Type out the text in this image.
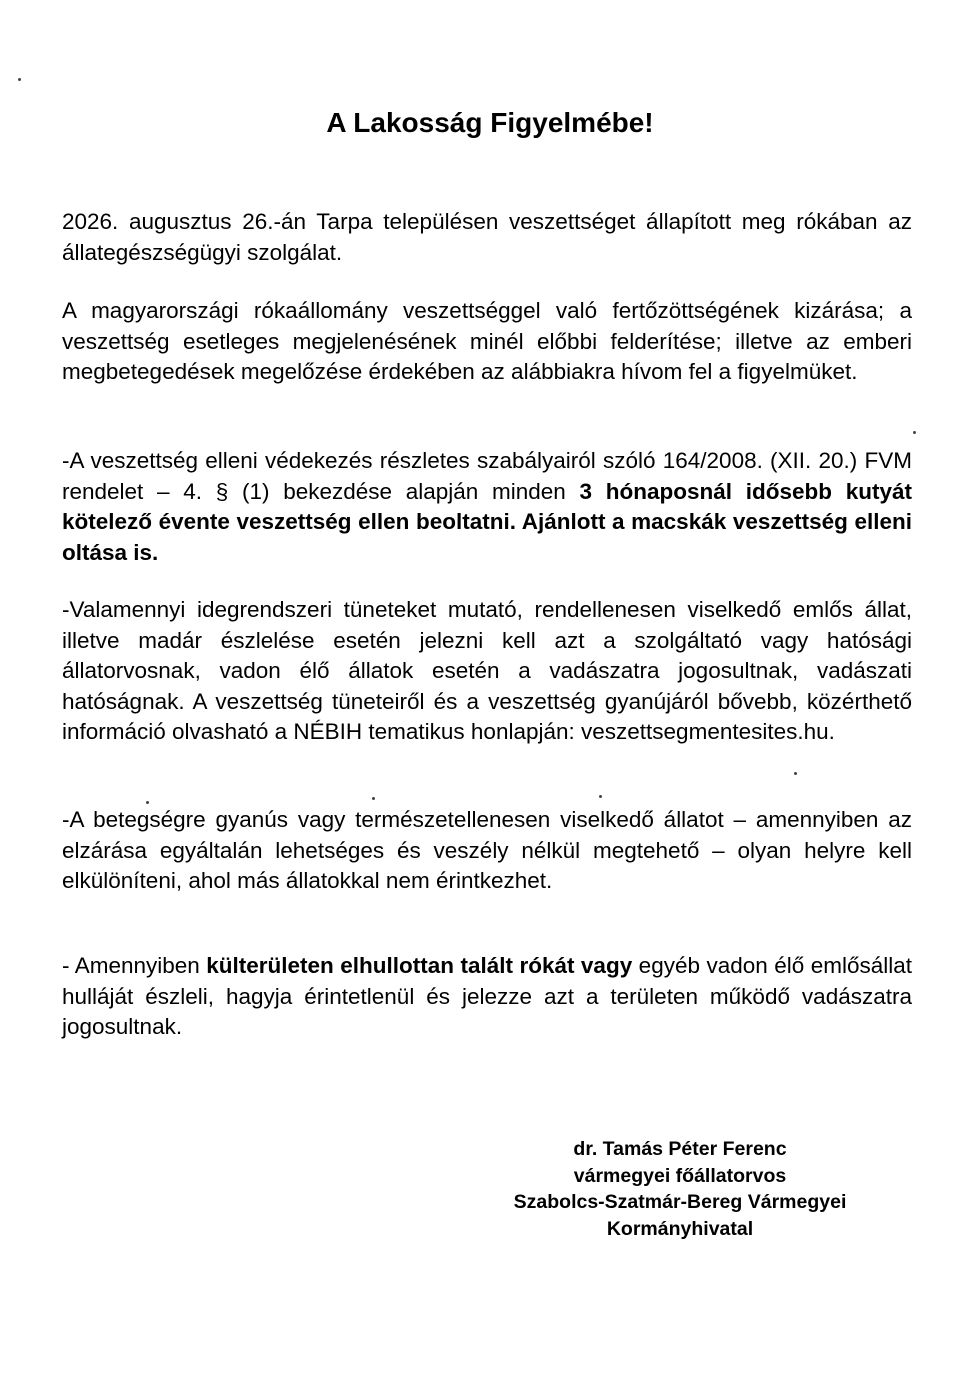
A Lakosság Figyelmébe!
2026. augusztus 26.-án Tarpa településen veszettséget állapított meg rókában az állategészségügyi szolgálat.
A magyarországi rókaállomány veszettséggel való fertőzöttségének kizárása; a veszettség esetleges megjelenésének minél előbbi felderítése; illetve az emberi megbetegedések megelőzése érdekében az alábbiakra hívom fel a figyelmüket.
-A veszettség elleni védekezés részletes szabályairól szóló 164/2008. (XII. 20.) FVM rendelet – 4. § (1) bekezdése alapján minden 3 hónaposnál idősebb kutyát kötelező évente veszettség ellen beoltatni. Ajánlott a macskák veszettség elleni oltása is.
-Valamennyi idegrendszeri tüneteket mutató, rendellenesen viselkedő emlős állat, illetve madár észlelése esetén jelezni kell azt a szolgáltató vagy hatósági állatorvosnak, vadon élő állatok esetén a vadászatra jogosultnak, vadászati hatóságnak. A veszettség tüneteiről és a veszettség gyanújáról bővebb, közérthető információ olvasható a NÉBIH tematikus honlapján: veszettsegmentesites.hu.
-A betegségre gyanús vagy természetellenesen viselkedő állatot – amennyiben az elzárása egyáltalán lehetséges és veszély nélkül megtehető – olyan helyre kell elkülöníteni, ahol más állatokkal nem érintkezhet.
- Amennyiben külterületen elhullottan talált rókát vagy egyéb vadon élő emlősállat hulláját észleli, hagyja érintetlenül és jelezze azt a területen működő vadászatra jogosultnak.
dr. Tamás Péter Ferenc
vármegyei főállatorvos
Szabolcs-Szatmár-Bereg Vármegyei
Kormányhivatal
